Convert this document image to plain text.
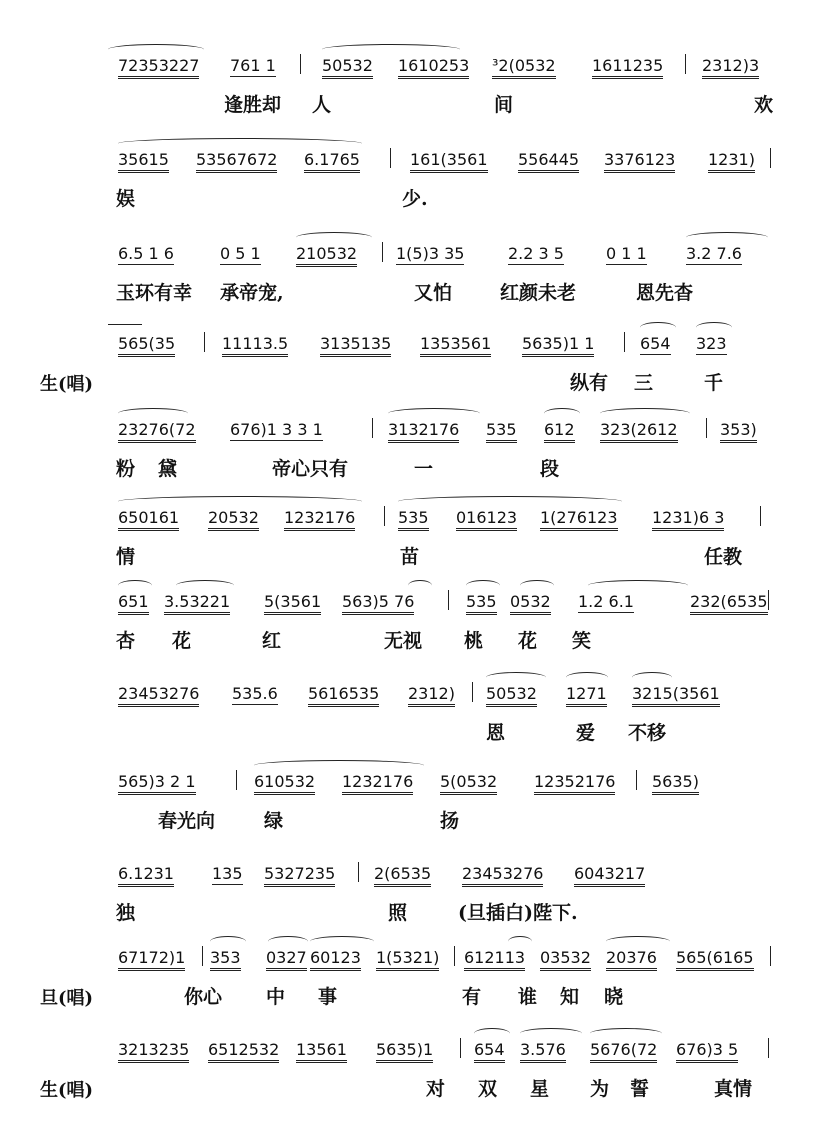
72353227 761 1	50532 1610253 ³2(0532 1611235 2312)3
逢胜却 人	间	欢
35615 53567672 6.1765	161(3561 556445 3376123 1231)
娱	少.
6.5 1 6	0 5 1 210532 1(5)3 35	2.2 3 5	0 1 1 3.2 7.6
玉环有幸 承帝宠,	又怕	红颜未老	恩先杳
565(35	11113.5 3135135 1353561 5635)1 1	654 323
纵有 三	千
生(唱)
23276(72 676)1 3 3 1	3132176 535 612 323(2612	353)
粉 黛	帝心只有	一	段
650161 20532 1232176	535 016123 1(276123 1231)6 3
情	苗	任教
651 3.53221 5(3561 563)5 76	535 0532 1.2 6.1	232(6535
杏 花	红	无视 桃 花 笑
23453276 535.6 5616535 2312) 50532 1271 3215(3561
恩	爱 不移
565)3 2 1	610532 1232176 5(0532 12352176 5635)
春光向	绿	扬
6.1231 135 5327235 2(6535 23453276 6043217
独	照	(旦插白)陛下.
67172)1 353 0327 60123 1(5321) 612113 03532 20376 565(6165
你心 中 事	有 谁 知 晓
旦(唱)
3213235 6512532 13561 5635)1	654 3.576 5676(72 676)3 5
对 双 星 为 誓	真情
生(唱)
